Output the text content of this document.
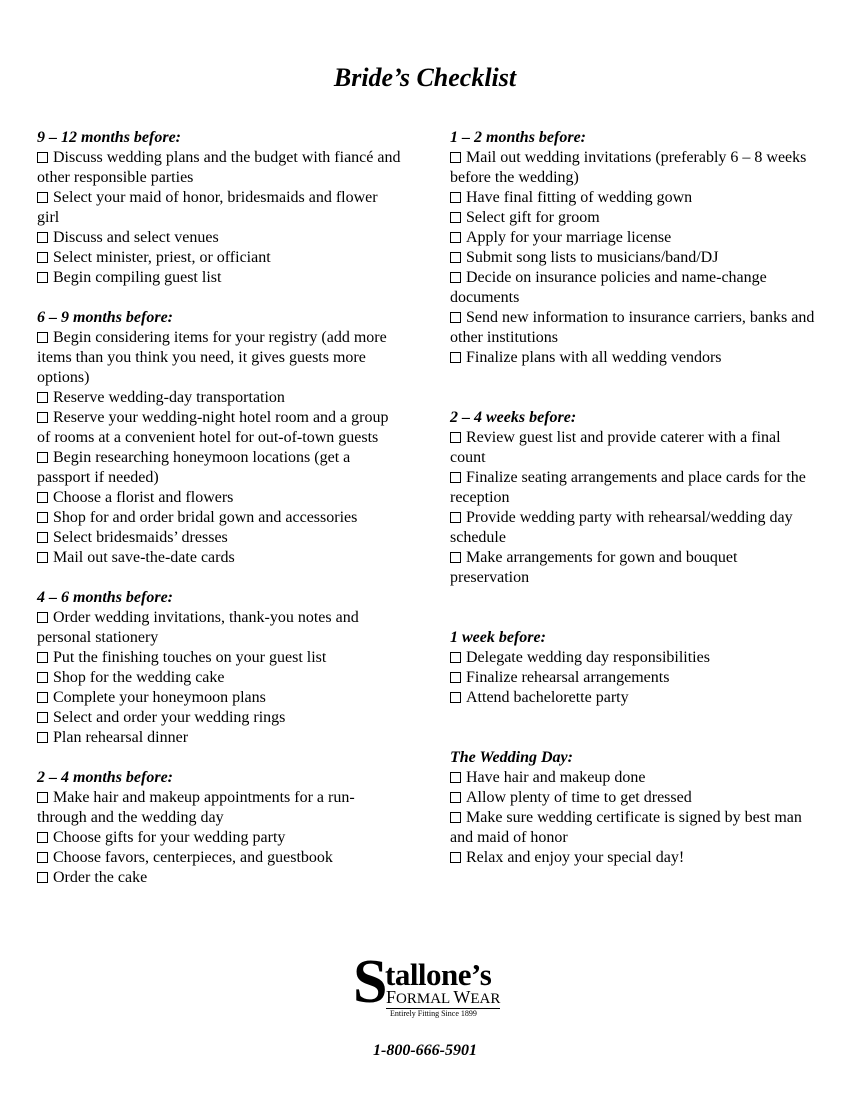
Bride’s Checklist
9 – 12 months before:
Discuss wedding plans and the budget with fiancé and other responsible parties
Select your maid of honor, bridesmaids and flower girl
Discuss and select venues
Select minister, priest, or officiant
Begin compiling guest list
6 – 9 months before:
Begin considering items for your registry (add more items than you think you need, it gives guests more options)
Reserve wedding-day transportation
Reserve your wedding-night hotel room and a group of rooms at a convenient hotel for out-of-town guests
Begin researching honeymoon locations (get a passport if needed)
Choose a florist and flowers
Shop for and order bridal gown and accessories
Select bridesmaids’ dresses
Mail out save-the-date cards
4 – 6 months before:
Order wedding invitations, thank-you notes and personal stationery
Put the finishing touches on your guest list
Shop for the wedding cake
Complete your honeymoon plans
Select and order your wedding rings
Plan rehearsal dinner
2 – 4 months before:
Make hair and makeup appointments for a run-through and the wedding day
Choose gifts for your wedding party
Choose favors, centerpieces, and guestbook
Order the cake
1 – 2 months before:
Mail out wedding invitations (preferably 6 – 8 weeks before the wedding)
Have final fitting of wedding gown
Select gift for groom
Apply for your marriage license
Submit song lists to musicians/band/DJ
Decide on insurance policies and name-change documents
Send new information to insurance carriers, banks and other institutions
Finalize plans with all wedding vendors
2 – 4 weeks before:
Review guest list and provide caterer with a final count
Finalize seating arrangements and place cards for the reception
Provide wedding party with rehearsal/wedding day schedule
Make arrangements for gown and bouquet preservation
1 week before:
Delegate wedding day responsibilities
Finalize rehearsal arrangements
Attend bachelorette party
The Wedding Day:
Have hair and makeup done
Allow plenty of time to get dressed
Make sure wedding certificate is signed by best man and maid of honor
Relax and enjoy your special day!
S tallone’s
FORMAL WEAR
Entirely Fitting Since 1899
1-800-666-5901
